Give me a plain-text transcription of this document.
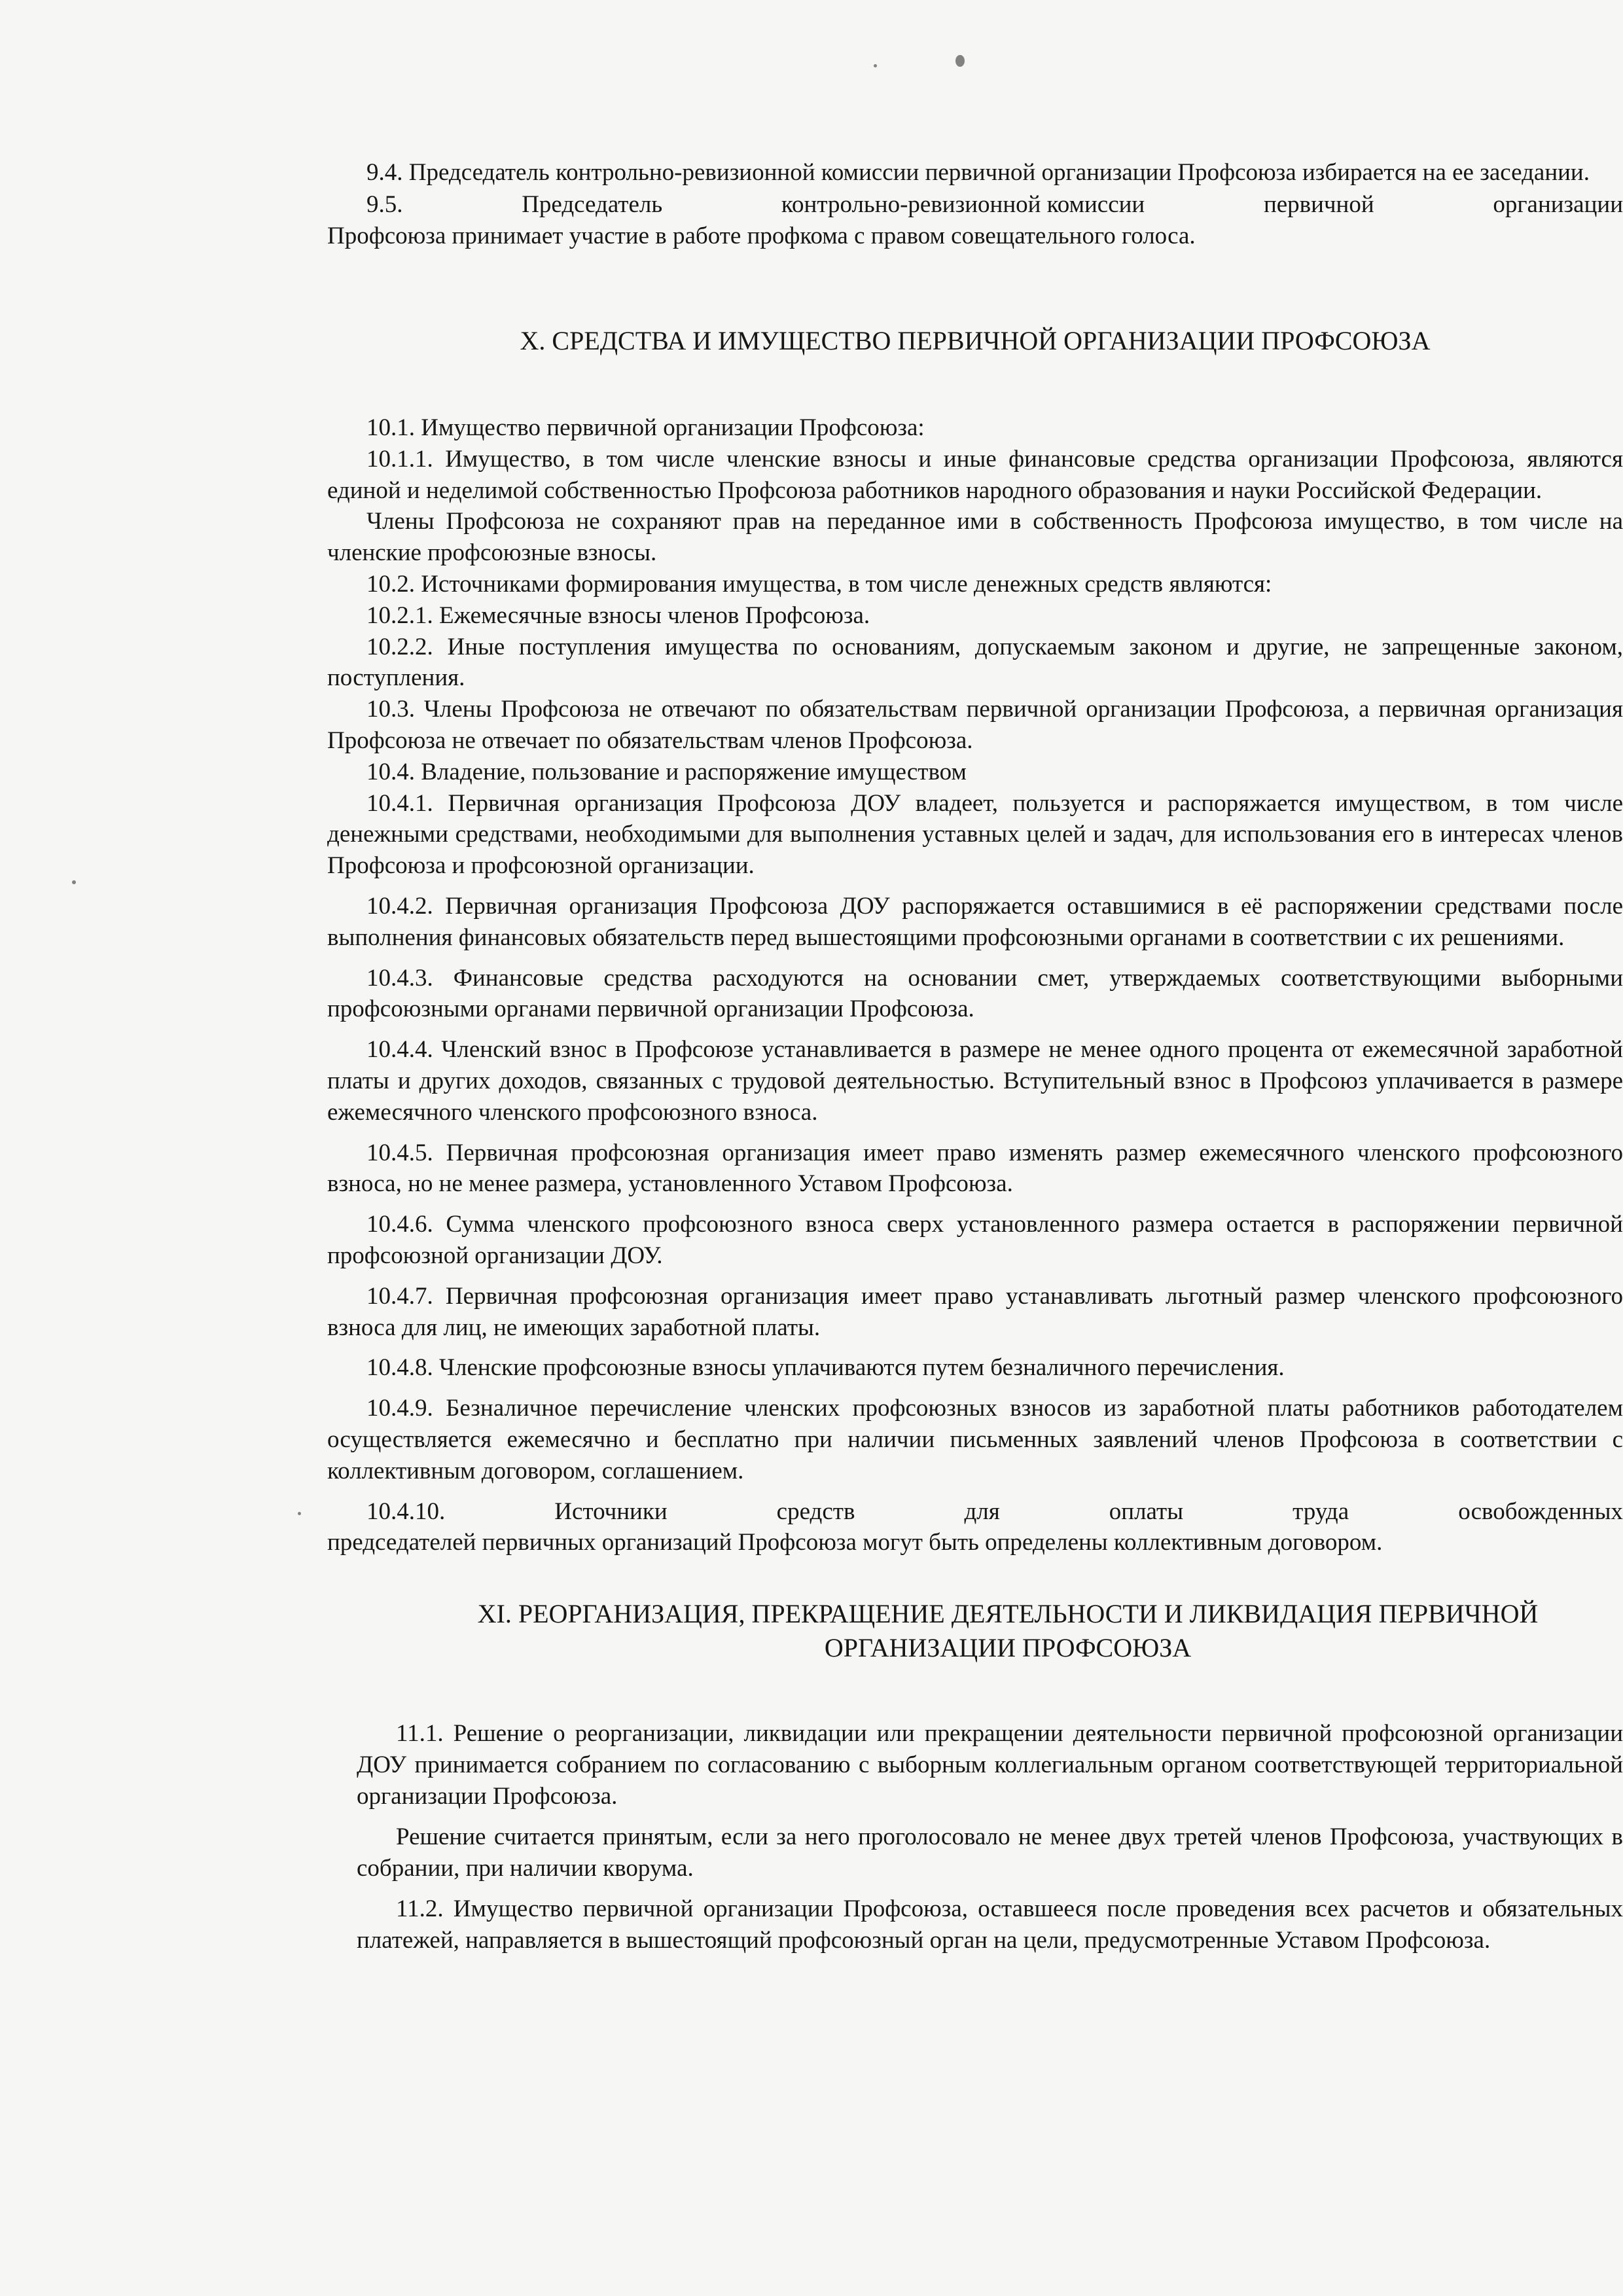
9.4. Председатель контрольно-ревизионной комиссии первичной организации Профсоюза избирается на ее заседании.

9.5.	Председатель	контрольно-ревизионной комиссии	первичной	организации

Профсоюза принимает участие в работе профкома с правом совещательного голоса.

X. СРЕДСТВА И ИМУЩЕСТВО ПЕРВИЧНОЙ ОРГАНИЗАЦИИ ПРОФСОЮЗА

10.1. Имущество первичной организации Профсоюза:

10.1.1. Имущество, в том числе членские взносы и иные финансовые средства организации Профсоюза, являются единой и неделимой собственностью Профсоюза работников народного образования и науки Российской Федерации.

Члены Профсоюза не сохраняют прав на переданное ими в собственность Профсоюза имущество, в том числе на членские профсоюзные взносы.

10.2. Источниками формирования имущества, в том числе денежных средств являются:

10.2.1. Ежемесячные взносы членов Профсоюза.

10.2.2. Иные поступления имущества по основаниям, допускаемым законом и другие, не запрещенные законом, поступления.

10.3. Члены Профсоюза не отвечают по обязательствам первичной организации Профсоюза, а первичная организация Профсоюза не отвечает по обязательствам членов Профсоюза.

10.4. Владение, пользование и распоряжение имуществом

10.4.1. Первичная организация Профсоюза ДОУ владеет, пользуется и распоряжается имуществом, в том числе денежными средствами, необходимыми для выполнения уставных целей и задач, для использования его в интересах членов Профсоюза и профсоюзной организации.

10.4.2. Первичная организация Профсоюза ДОУ распоряжается оставшимися в её распоряжении средствами после выполнения финансовых обязательств перед вышестоящими профсоюзными органами в соответствии с их решениями.

10.4.3. Финансовые средства расходуются на основании смет, утверждаемых соответствующими выборными профсоюзными органами первичной организации Профсоюза.

10.4.4. Членский взнос в Профсоюзе устанавливается в размере не менее одного процента от ежемесячной заработной платы и других доходов, связанных с трудовой деятельностью. Вступительный взнос в Профсоюз уплачивается в размере ежемесячного членского профсоюзного взноса.

10.4.5. Первичная профсоюзная организация имеет право изменять размер ежемесячного членского профсоюзного взноса, но не менее размера, установленного Уставом Профсоюза.

10.4.6. Сумма членского профсоюзного взноса сверх установленного размера остается в распоряжении первичной профсоюзной организации ДОУ.

10.4.7. Первичная профсоюзная организация имеет право устанавливать льготный размер членского профсоюзного взноса для лиц, не имеющих заработной платы.

10.4.8. Членские профсоюзные взносы уплачиваются путем безналичного перечисления.

10.4.9. Безналичное перечисление членских профсоюзных взносов из заработной платы работников работодателем осуществляется ежемесячно и бесплатно при наличии письменных заявлений членов Профсоюза в соответствии с коллективным договором, соглашением.

10.4.10.	Источники	средств	для	оплаты	труда	освобожденных

председателей первичных организаций Профсоюза могут быть определены коллективным договором.

XI. РЕОРГАНИЗАЦИЯ, ПРЕКРАЩЕНИЕ ДЕЯТЕЛЬНОСТИ И ЛИКВИДАЦИЯ ПЕРВИЧНОЙ
ОРГАНИЗАЦИИ ПРОФСОЮЗА

11.1. Решение о реорганизации, ликвидации или прекращении деятельности первичной профсоюзной организации ДОУ принимается собранием по согласованию с выборным коллегиальным органом соответствующей территориальной организации Профсоюза.

Решение считается принятым, если за него проголосовало не менее двух третей членов Профсоюза, участвующих в собрании, при наличии кворума.

11.2. Имущество первичной организации Профсоюза, оставшееся после проведения всех расчетов и обязательных платежей, направляется в вышестоящий профсоюзный орган на цели, предусмотренные Уставом Профсоюза.
